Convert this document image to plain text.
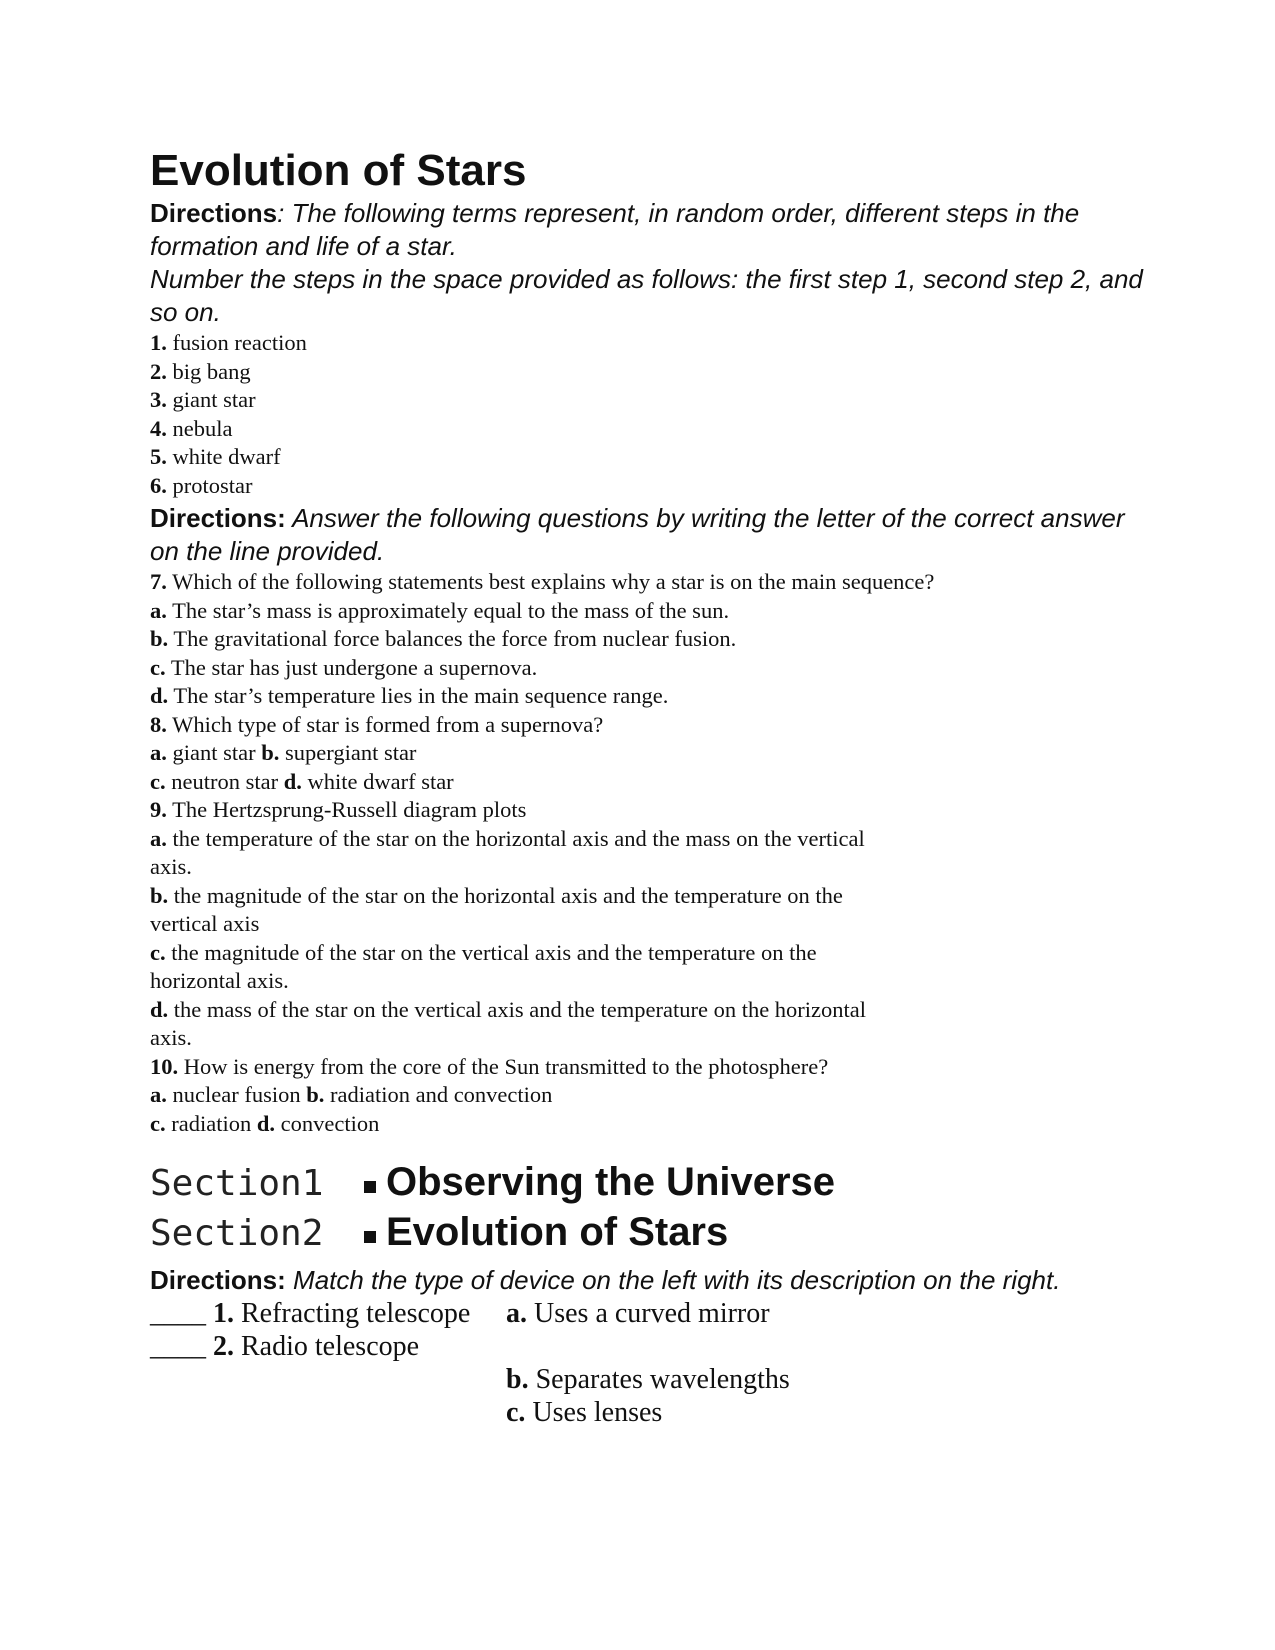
Evolution of Stars

Directions: The following terms represent, in random order, different steps in the formation and life of a star.

Number the steps in the space provided as follows: the first step 1, second step 2, and so on.

1. fusion reaction

2. big bang

3. giant star

4. nebula

5. white dwarf

6. protostar

Directions: Answer the following questions by writing the letter of the correct answer on the line provided.

7. Which of the following statements best explains why a star is on the main sequence?

a. The star’s mass is approximately equal to the mass of the sun.

b. The gravitational force balances the force from nuclear fusion.

c. The star has just undergone a supernova.

d. The star’s temperature lies in the main sequence range.

8. Which type of star is formed from a supernova?

a. giant star b. supergiant star

c. neutron star d. white dwarf star

9. The Hertzsprung-Russell diagram plots

a. the temperature of the star on the horizontal axis and the mass on the vertical axis.

b. the magnitude of the star on the horizontal axis and the temperature on the vertical axis

c. the magnitude of the star on the vertical axis and the temperature on the horizontal axis.

d. the mass of the star on the vertical axis and the temperature on the horizontal axis.

10. How is energy from the core of the Sun transmitted to the photosphere?

a. nuclear fusion b. radiation and convection

c. radiation d. convection

Section1	Observing the Universe
Section2	Evolution of Stars

Directions: Match the type of device on the left with its description on the right.

____ 1. Refracting telescope
____ 2. Radio telescope
a. Uses a curved mirror
b. Separates wavelengths
c. Uses lenses
